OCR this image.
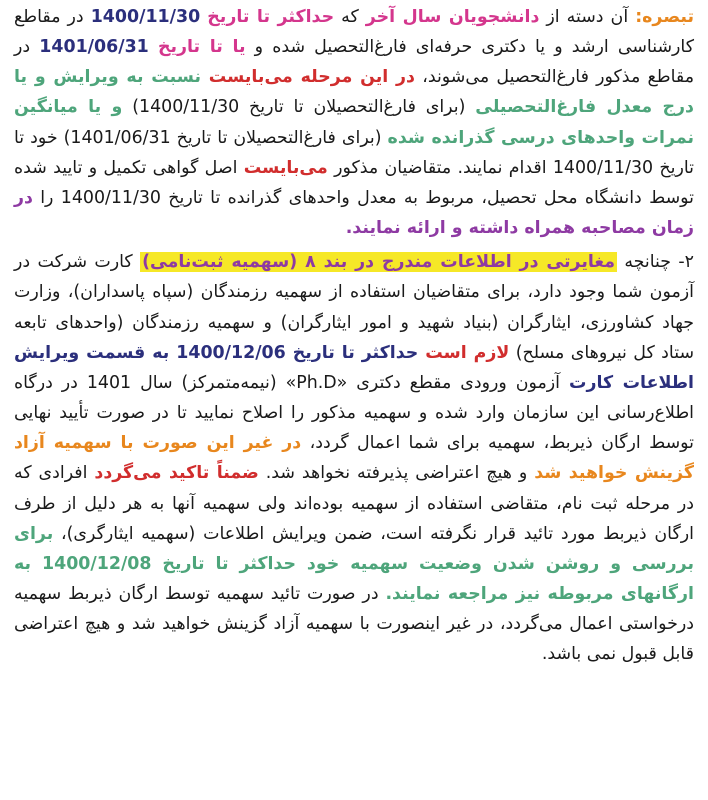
تبصره: آن دسته از دانشجویان سال آخر که حداکثر تا تاریخ 1400/11/30 در مقاطع کارشناسی ارشد و یا دکتری حرفه‌ای فارغ‌التحصیل شده و یا تا تاریخ 1401/06/31 در مقاطع مذکور فارغ‌التحصیل می‌شوند، در این مرحله می‌بایست نسبت به ویرایش و یا درج معدل فارغ‌التحصیلی (برای فارغ‌التحصیلان تا تاریخ 1400/11/30) و یا میانگین نمرات واحدهای درسی گذرانده شده (برای فارغ‌التحصیلان تا تاریخ 1401/06/31) خود تا تاریخ 1400/11/30 اقدام نمایند. متقاضیان مذکور می‌بایست اصل گواهی تکمیل و تایید شده توسط دانشگاه محل تحصیل، مربوط به معدل واحدهای گذرانده تا تاریخ 1400/11/30 را در زمان مصاحبه همراه داشته و ارائه نمایند.

۲- چنانچه مغایرتی در اطلاعات مندرج در بند ۸ (سهمیه ثبت‌نامی) کارت شرکت در آزمون شما وجود دارد، برای متقاضیان استفاده از سهمیه رزمندگان (سپاه پاسداران)، وزارت جهاد کشاورزی، ایثارگران (بنیاد شهید و امور ایثارگران) و سهمیه رزمندگان (واحدهای تابعه ستاد کل نیروهای مسلح) لازم است حداکثر تا تاریخ 1400/12/06 به قسمت ویرایش اطلاعات کارت آزمون ورودی مقطع دکتری «Ph.D» (نیمه‌متمرکز) سال 1401 در درگاه اطلاع‌رسانی این سازمان وارد شده و سهمیه مذکور را اصلاح نمایید تا در صورت تأیید نهایی توسط ارگان ذیربط، سهمیه برای شما اعمال گردد، در غیر این صورت با سهمیه آزاد گزینش خواهید شد و هیچ اعتراضی پذیرفته نخواهد شد. ضمناً تاکید می‌گردد افرادی که در مرحله ثبت نام، متقاضی استفاده از سهمیه بوده‌اند ولی سهمیه آنها به هر دلیل از طرف ارگان ذیربط مورد تائید قرار نگرفته است، ضمن ویرایش اطلاعات (سهمیه ایثارگری)، برای بررسی و روشن شدن وضعیت سهمیه خود حداکثر تا تاریخ 1400/12/08 به ارگانهای مربوطه نیز مراجعه نمایند. در صورت تائید سهمیه توسط ارگان ذیربط سهمیه درخواستی اعمال می‌گردد، در غیر اینصورت با سهمیه آزاد گزینش خواهید شد و هیچ اعتراضی قابل قبول نمی باشد.
